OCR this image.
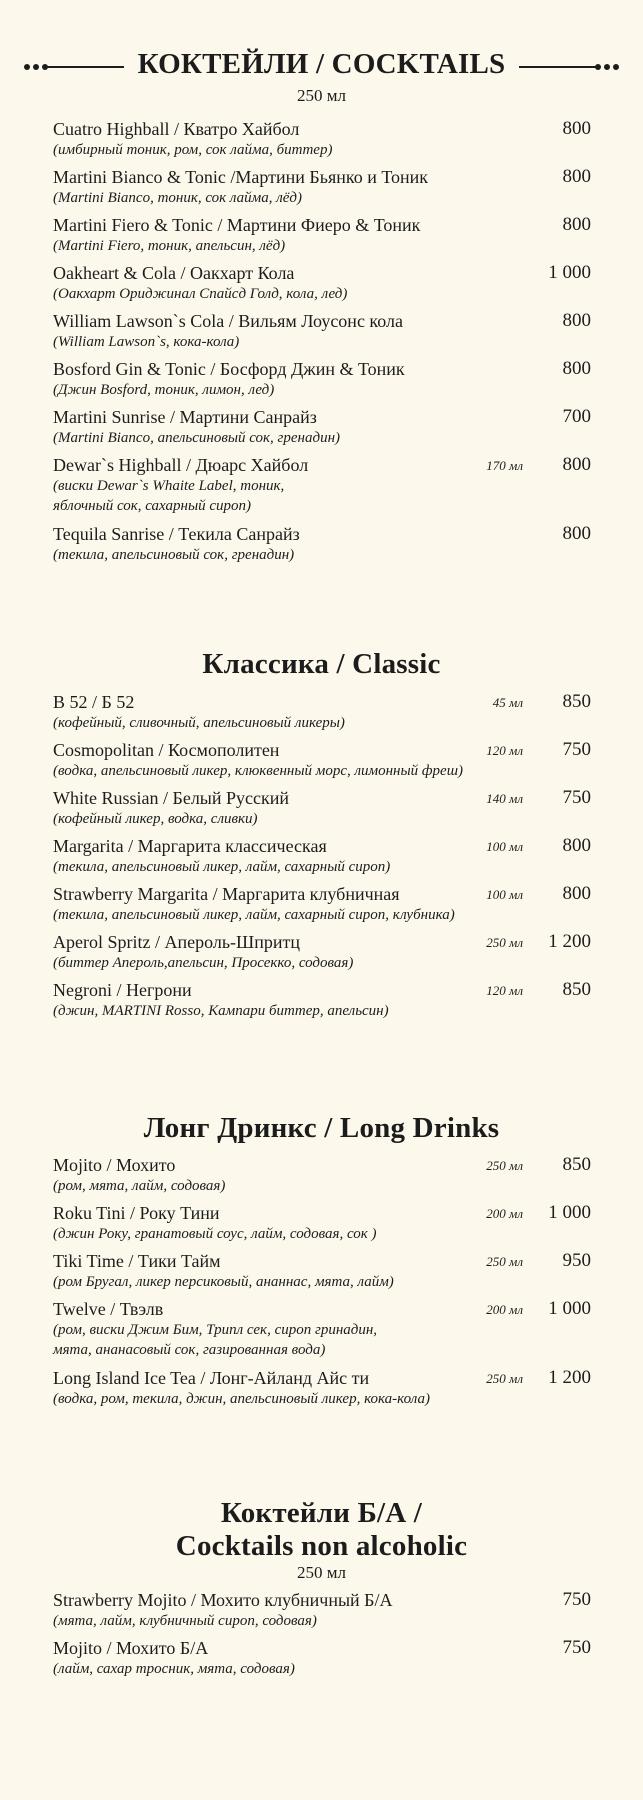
КОКТЕЙЛИ / COCKTAILS
250 мл
Cuatro Highball / Кватро Хайбол
(имбирный тоник, ром, сок лайма, биттер)
800
Martini Bianco & Tonic /Мартини Бьянко и Тоник
(Martini Bianco, тоник, сок лайма, лёд)
800
Martini Fiero & Tonic / Мартини Фиеро & Тоник
(Martini Fiero, тоник, апельсин, лёд)
800
Oakheart & Cola / Оакхарт Кола
(Оакхарт Ориджинал Спайсд Голд, кола, лед)
1 000
William Lawson`s Cola / Вильям Лоусонс кола
(William Lawson`s, кока-кола)
800
Bosford Gin & Tonic / Босфорд Джин & Тоник
(Джин Bosford, тоник, лимон, лед)
800
Martini Sunrise / Мартини Санрайз
(Martini Bianco, апельсиновый сок, гренадин)
700
Dewar`s Highball / Дюарс Хайбол
(виски Dewar`s Whaite Label, тоник,
яблочный сок, сахарный сироп)
170 мл 800
Tequila Sanrise / Текила Санрайз
(текила, апельсиновый сок, гренадин)
800
Классика / Classic
В 52 / Б 52
(кофейный, сливочный, апельсиновый ликеры)
45 мл 850
Cosmopolitan / Космополитен
(водка, апельсиновый ликер, клюквенный морс, лимонный фреш)
120 мл 750
White Russian / Белый Русский
(кофейный ликер, водка, сливки)
140 мл 750
Margarita / Маргарита классическая
(текила, апельсиновый ликер, лайм, сахарный сироп)
100 мл 800
Strawberry Margarita / Маргарита клубничная
(текила, апельсиновый ликер, лайм, сахарный сироп, клубника)
100 мл 800
Aperol Spritz / Апероль-Шпритц
(биттер Апероль,апельсин, Просекко, содовая)
250 мл 1 200
Negroni / Негрони
(джин, MARTINI Rosso, Кампари биттер, апельсин)
120 мл 850
Лонг Дринкс / Long Drinks
Mojito / Мохито
(ром, мята, лайм, содовая)
250 мл 850
Roku Tini / Року Тини
(джин Року, гранатовый соус, лайм, содовая, сок )
200 мл 1 000
Tiki Time / Тики Тайм
(ром Бругал, ликер персиковый, ананнас, мята, лайм)
250 мл 950
Twelve / Твэлв
(ром, виски Джим Бим, Трипл сек, сироп гринадин,
мята, ананасовый сок, газированная вода)
200 мл 1 000
Long Island Ice Tea / Лонг-Айланд Айс ти
(водка, ром, текила, джин, апельсиновый ликер, кока-кола)
250 мл 1 200
Коктейли Б/А /
Cocktails non alcoholic
250 мл
Strawberry Mojito / Мохито клубничный Б/А
(мята, лайм, клубничный сироп, содовая)
750
Mojito / Мохито Б/А
(лайм, сахар тросник, мята, содовая)
750
